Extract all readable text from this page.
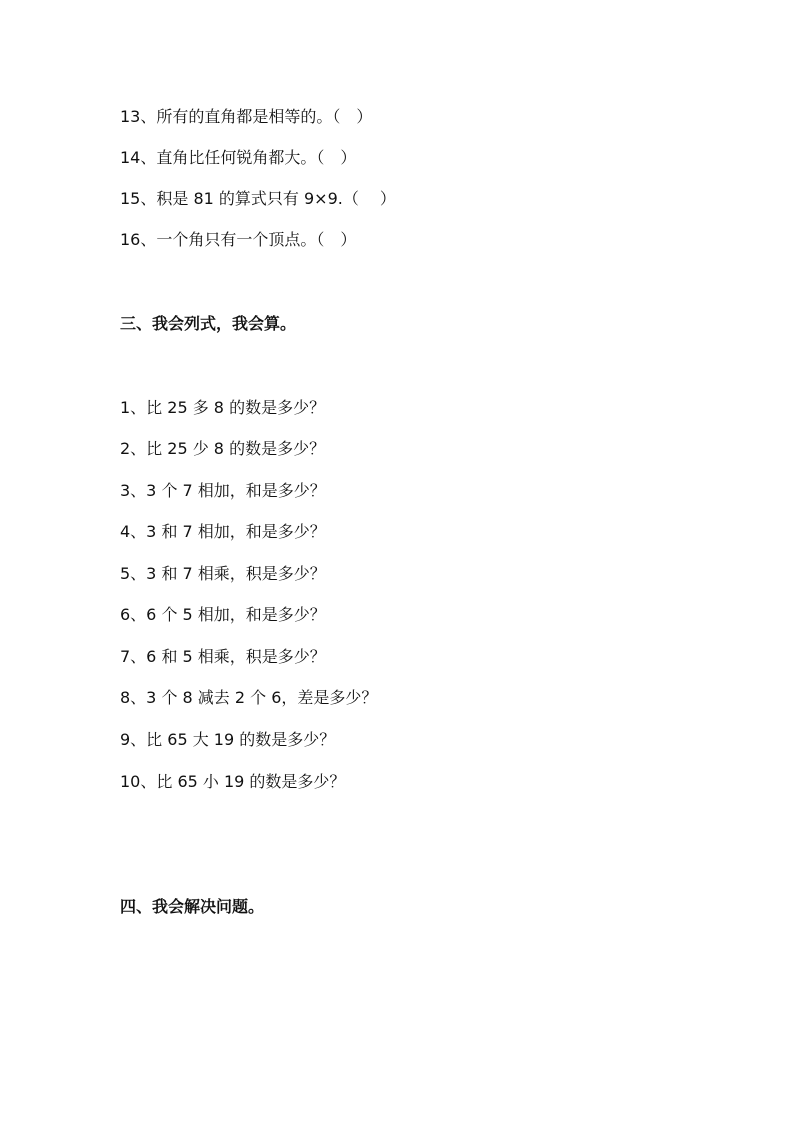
13、所有的直角都是相等的。（　）
14、直角比任何锐角都大。（　）
15、积是 81 的算式只有 9×9.（　 ）
16、一个角只有一个顶点。（　）
三、我会列式，我会算。
1、比 25 多 8 的数是多少？
2、比 25 少 8 的数是多少？
3、3 个 7 相加，和是多少？
4、3 和 7 相加，和是多少？
5、3 和 7 相乘，积是多少？
6、6 个 5 相加，和是多少？
7、6 和 5 相乘，积是多少？
8、3 个 8 减去 2 个 6，差是多少？
9、比 65 大 19 的数是多少？
10、比 65 小 19 的数是多少？
四、我会解决问题。
